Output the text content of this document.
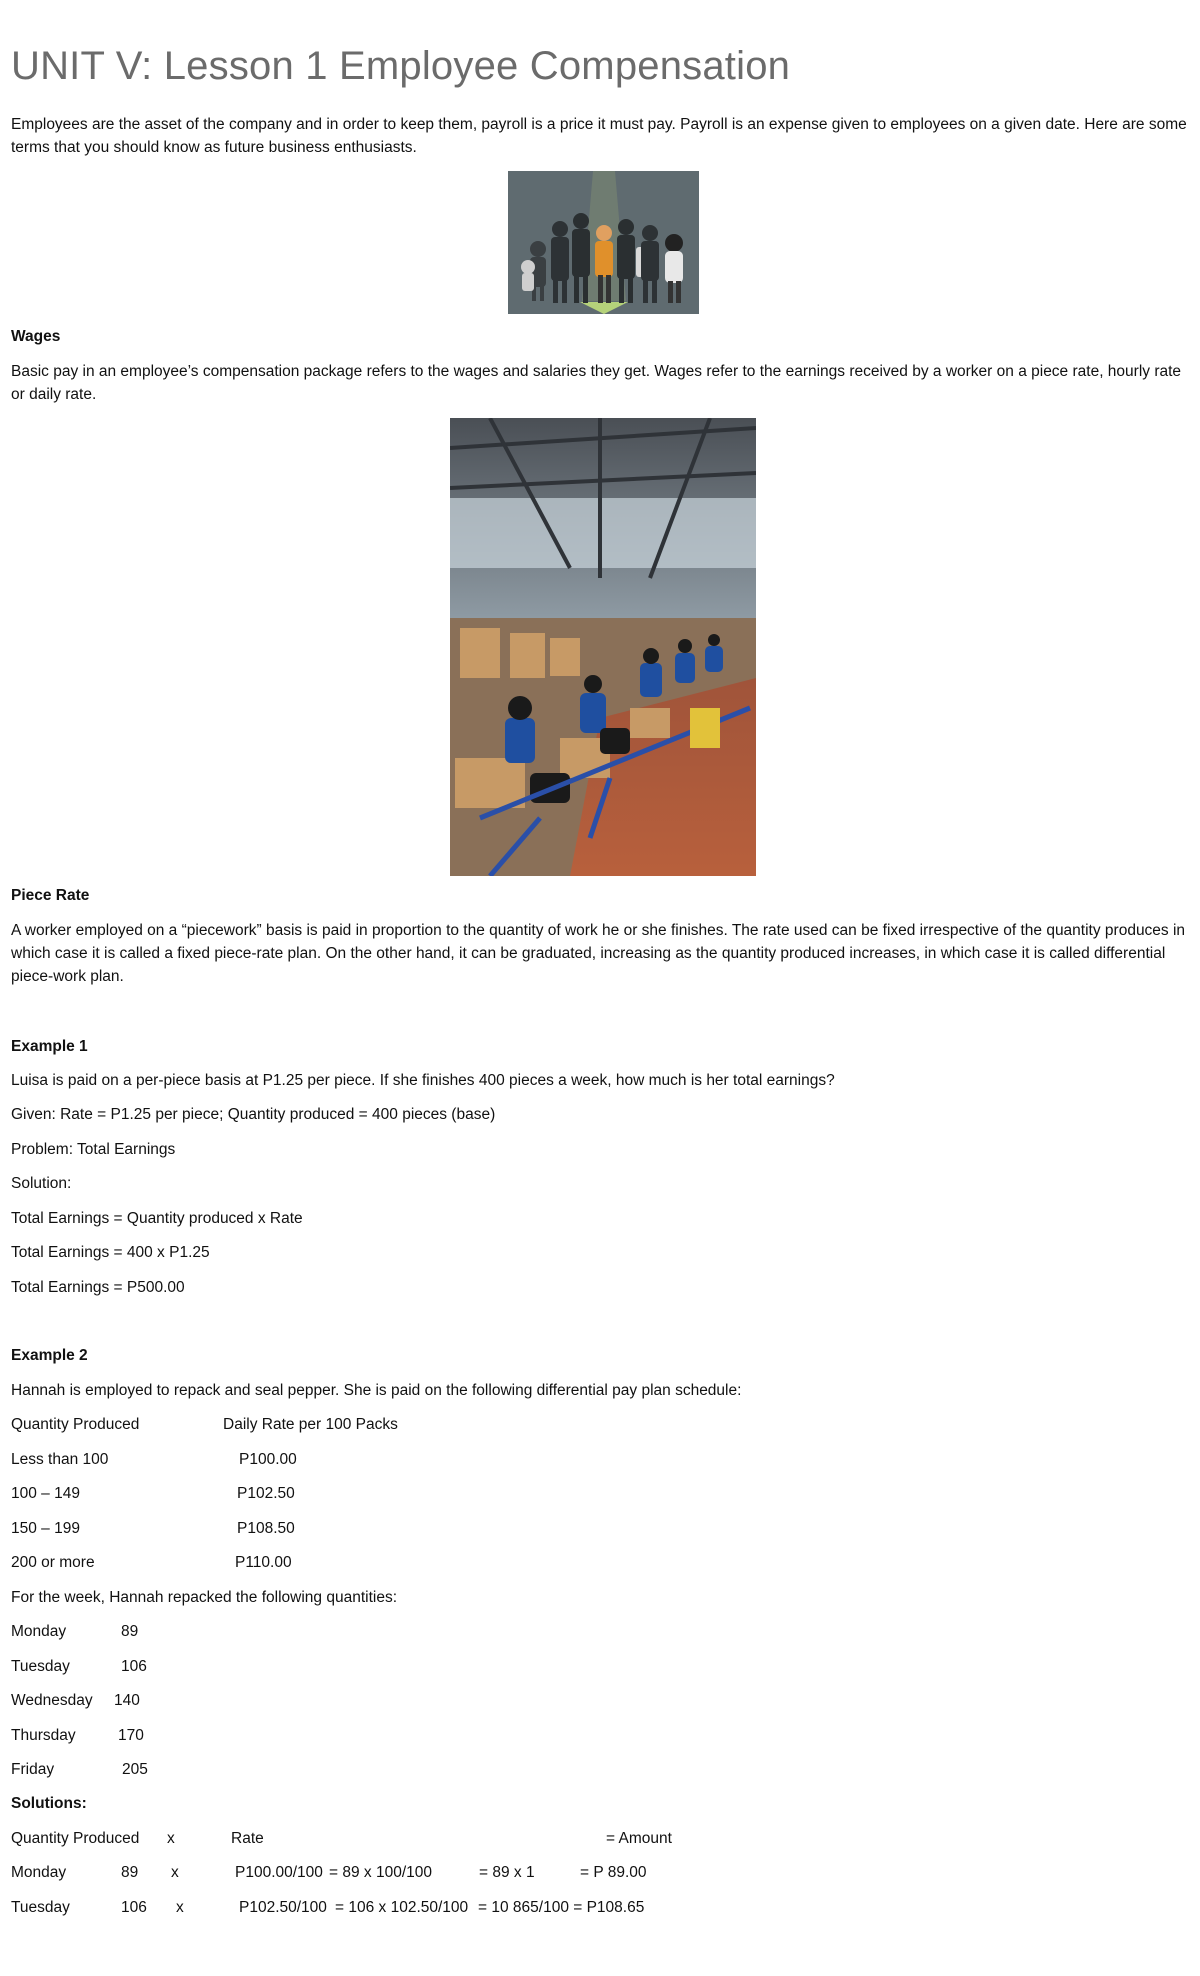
UNIT V: Lesson 1 Employee Compensation

Employees are the asset of the company and in order to keep them, payroll is a price it must pay. Payroll is an expense given to employees on a given date. Here are some terms that you should know as future business enthusiasts.

Wages

Basic pay in an employee’s compensation package refers to the wages and salaries they get. Wages refer to the earnings received by a worker on a piece rate, hourly rate or daily rate.

Piece Rate

A worker employed on a “piecework” basis is paid in proportion to the quantity of work he or she finishes. The rate used can be fixed irrespective of the quantity produces in which case it is called a fixed piece-rate plan. On the other hand, it can be graduated, increasing as the quantity produced increases, in which case it is called differential piece-work plan.

Example 1
Luisa is paid on a per-piece basis at P1.25 per piece. If she finishes 400 pieces a week, how much is her total earnings?
Given: Rate = P1.25 per piece; Quantity produced = 400 pieces (base)
Problem: Total Earnings
Solution:
Total Earnings = Quantity produced x Rate
Total Earnings = 400 x P1.25
Total Earnings = P500.00
Example 2
Hannah is employed to repack and seal pepper. She is paid on the following differential pay plan schedule:
Quantity Produced	Daily Rate per 100 Packs
Less than 100	P100.00
100 – 149	P102.50
150 – 199	P108.50
200 or more	P110.00
For the week, Hannah repacked the following quantities:
Monday	89
Tuesday	106
Wednesday 140
Thursday	170
Friday	205
Solutions:
Quantity Produced x	Rate	= Amount
Monday	89 x	P100.00/100 = 89 x 100/100	= 89 x 1	= P 89.00
Tuesday	106 x	P102.50/100 = 106 x 102.50/100 = 10 865/100 = P108.65
